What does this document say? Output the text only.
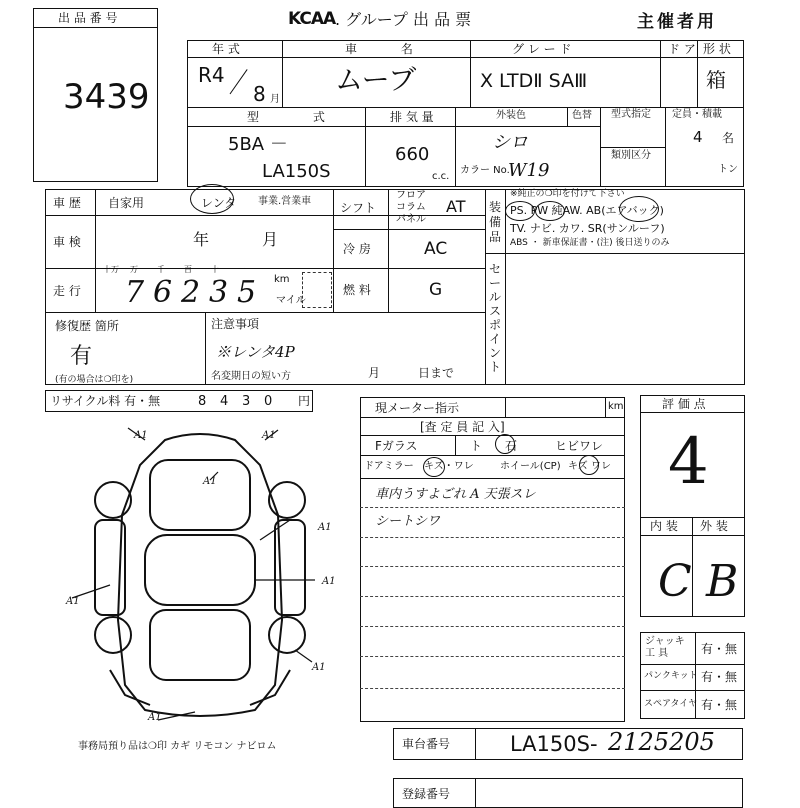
出 品 番 号
3439
KCAA . グループ 出 品 票	主催者用
年 式
R4
8 月
車 名
ムーブ
グ レ ー ド
X LTDⅡ SAⅢ
ド ア 形 状
箱
型 式
5BA －
LA150S
排 気 量
660
c.c.
外装色	色替
シロ
カラー No.
W19
型式指定
類別区分
定員・積載
4 名
トン
車 歴 自家用	レンタ 事業.営業車
車 検	年	月
走 行
十万 万 千 百 十 一
7 6 2 3 5 km
マイル
シフト
フロア
コラム
パネル
AT
冷 房	AC
燃 料	G
装 備 品
※純正の❍印を付けて下さい
PS. PW 純AW. AB(エアバック)
TV. ナビ. カワ. SR(サンルーフ)
ABS ・ 新車保証書・(注) 後日送りのみ
セールスポイント
修復歴 箇所
有
(有の場合は❍印を)
注意事項
※レンタ4P
名変期日の短い方	月	日まで
リサイクル料 有・無	8 4 3 0 円
A1	A1
A1
A1
A1
A1
A1
A1
事務局預り品は❍印 カギ リモコン ナビロム
現メーター指示	km
[査 定 員 記 入]
Fガラス	ト 石	ヒビワレ
ドアミラー キズ・ワレ	ホイール(CP) キズ ワレ
車内うすよごれ A 天張スレ
シートシワ
評 価 点
4
内 装 外 装
C B
ジャッキ 工 具	有・無
パンクキット 有・無
スペアタイヤ 有・無
車台番号	LA150S- 2125205
登録番号
